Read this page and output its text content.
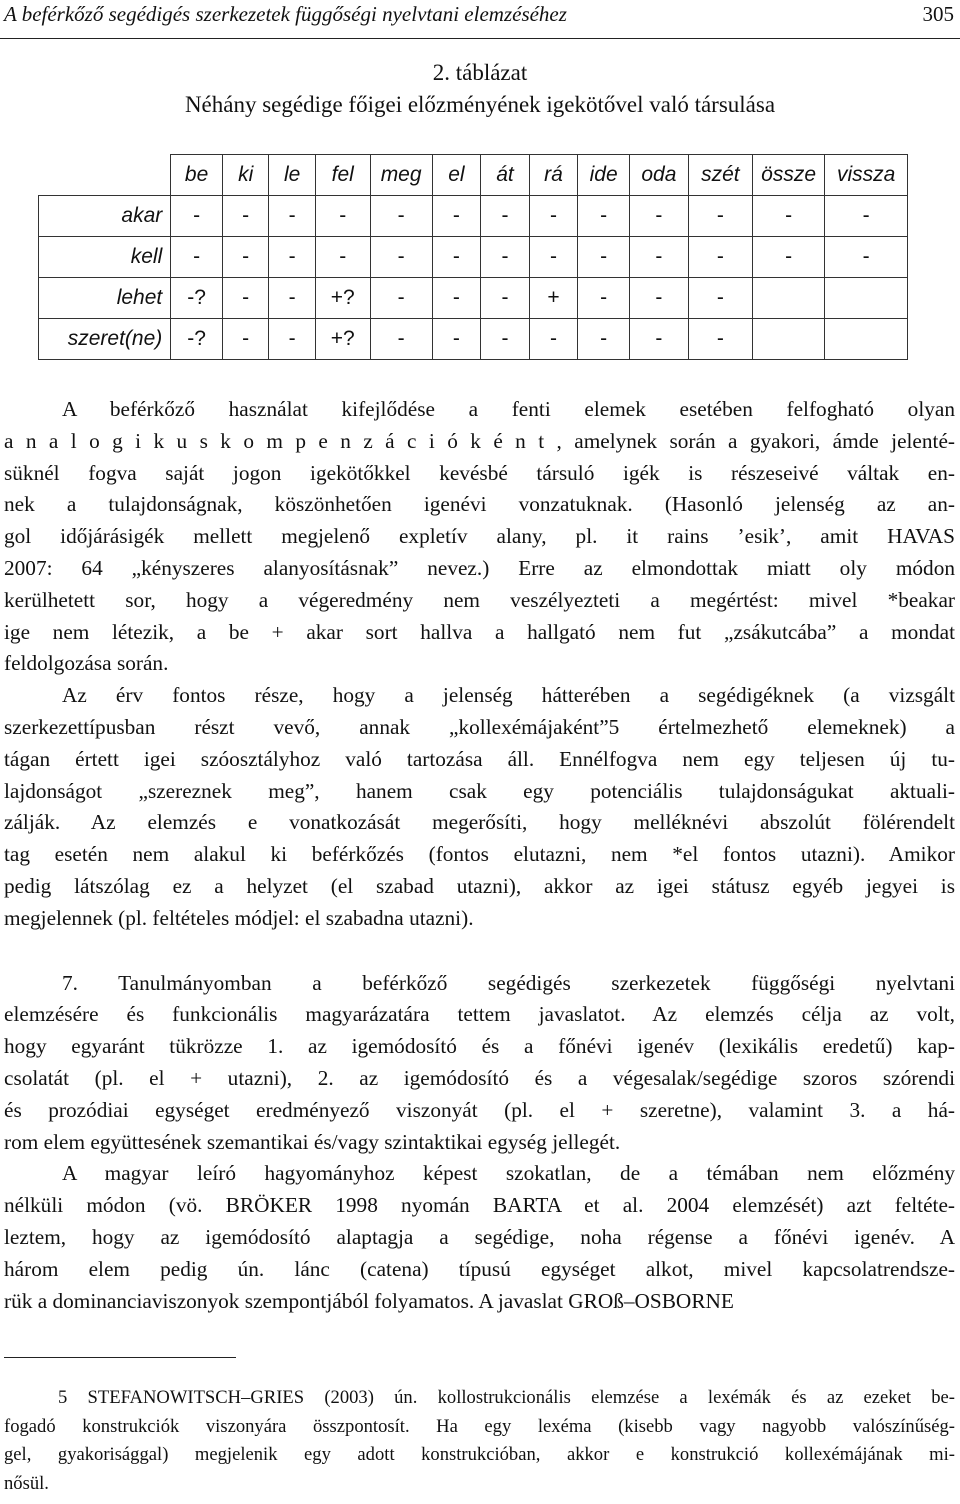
A beférkőző segédigés szerkezetek függőségi nyelvtani elemzéséhez	305
2. táblázat
Néhány segédige főigei előzményének igekötővel való társulása
	be	ki	le	fel	meg	el	át	rá	ide	oda	szét	össze	vissza
akar	-	-	-	-	-	-	-	-	-	-	-	-	-
kell	-	-	-	-	-	-	-	-	-	-	-	-	-
lehet	-?	-	-	+?	-	-	-	+	-	-	-		
szeret(ne)	-?	-	-	+?	-	-	-	-	-	-	-		
A beférkőző használat kifejlődése a fenti elemek esetében felfogható olyan
a n a l o g i k u s k o m p e n z á c i ó k é n t , amelynek során a gyakori, ámde jelenté-
süknél fogva saját jogon igekötőkkel kevésbé társuló igék is részeseivé váltak en-
nek a tulajdonságnak, köszönhetően igenévi vonzatuknak. (Hasonló jelenség az an-
gol időjárásigék mellett megjelenő expletív alany, pl. it rains ’esik’, amit HAVAS
2007: 64 „kényszeres alanyosításnak” nevez.) Erre az elmondottak miatt oly módon
kerülhetett sor, hogy a végeredmény nem veszélyezteti a megértést: mivel *beakar
ige nem létezik, a be + akar sort hallva a hallgató nem fut „zsákutcába” a mondat
feldolgozása során.
Az érv fontos része, hogy a jelenség hátterében a segédigéknek (a vizsgált
szerkezettípusban részt vevő, annak „kollexémájaként”5 értelmezhető elemeknek) a
tágan értett igei szóosztályhoz való tartozása áll. Ennélfogva nem egy teljesen új tu-
lajdonságot „szereznek meg”, hanem csak egy potenciális tulajdonságukat aktuali-
zálják. Az elemzés e vonatkozását megerősíti, hogy melléknévi abszolút fölérendelt
tag esetén nem alakul ki beférkőzés (fontos elutazni, nem *el fontos utazni). Amikor
pedig látszólag ez a helyzet (el szabad utazni), akkor az igei státusz egyéb jegyei is
megjelennek (pl. feltételes módjel: el szabadna utazni).
7. Tanulmányomban a beférkőző segédigés szerkezetek függőségi nyelvtani
elemzésére és funkcionális magyarázatára tettem javaslatot. Az elemzés célja az volt,
hogy egyaránt tükrözze 1. az igemódosító és a főnévi igenév (lexikális eredetű) kap-
csolatát (pl. el + utazni), 2. az igemódosító és a végesalak/segédige szoros szórendi
és prozódiai egységet eredményező viszonyát (pl. el + szeretne), valamint 3. a há-
rom elem együttesének szemantikai és/vagy szintaktikai egység jellegét.
A magyar leíró hagyományhoz képest szokatlan, de a témában nem előzmény
nélküli módon (vö. BRÖKER 1998 nyomán BARTA et al. 2004 elemzését) azt feltéte-
leztem, hogy az igemódosító alaptagja a segédige, noha régense a főnévi igenév. A
három elem pedig ún. lánc (catena) típusú egységet alkot, mivel kapcsolatrendsze-
rük a dominanciaviszonyok szempontjából folyamatos. A javaslat GROß–OSBORNE
5 STEFANOWITSCH–GRIES (2003) ún. kollostrukcionális elemzése a lexémák és az ezeket be-
fogadó konstrukciók viszonyára összpontosít. Ha egy lexéma (kisebb vagy nagyobb valószínűség-
gel, gyakorisággal) megjelenik egy adott konstrukcióban, akkor e konstrukció kollexémájának mi-
nősül.
